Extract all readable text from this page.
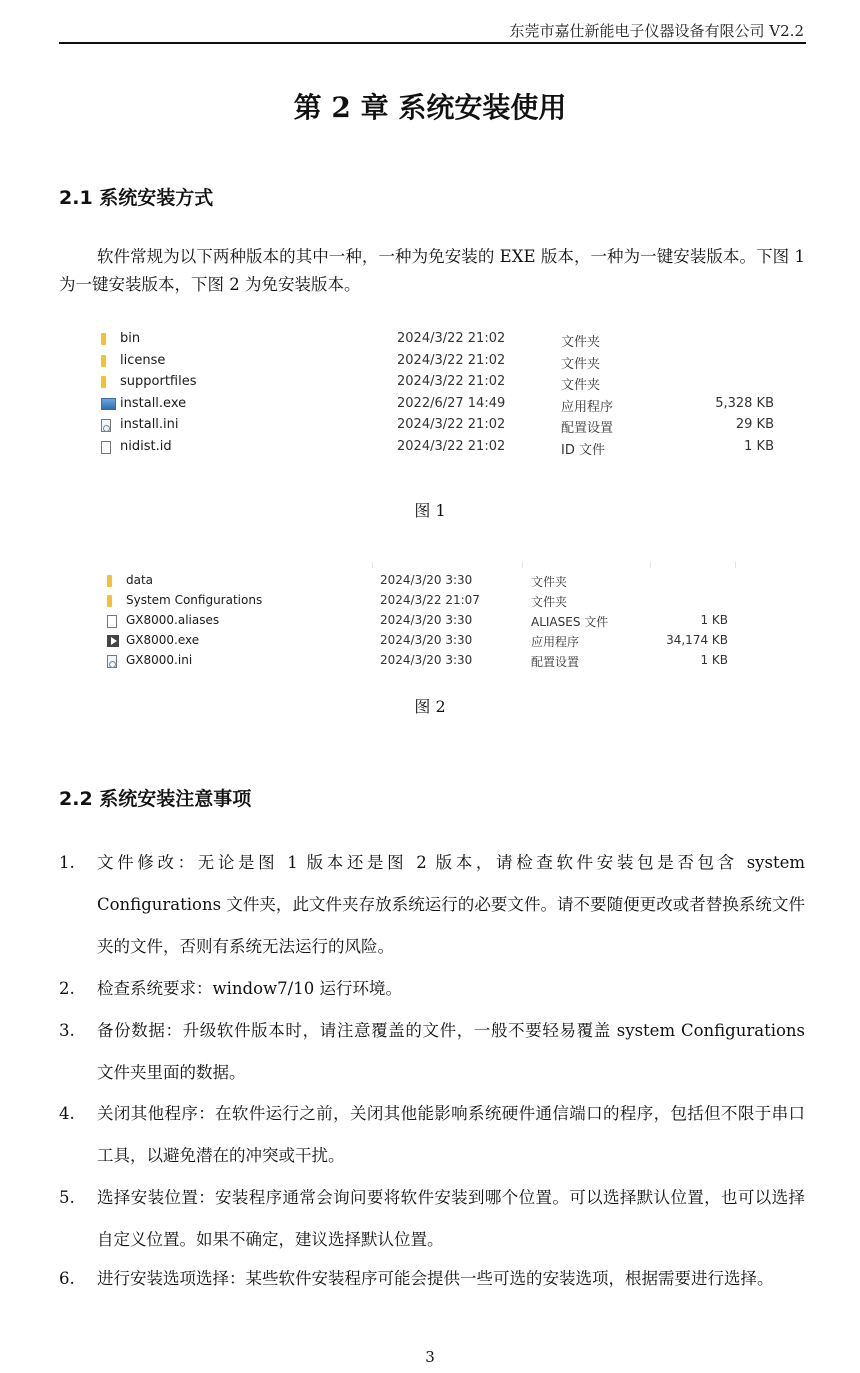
东莞市嘉仕新能电子仪器设备有限公司 V2.2
第 2 章 系统安装使用
2.1 系统安装方式
软件常规为以下两种版本的其中一种，一种为免安装的 EXE 版本，一种为一键安装版本。下图 1 为一键安装版本，下图 2 为免安装版本。
bin	2024/3/22 21:02	文件夹
license	2024/3/22 21:02	文件夹
supportfiles	2024/3/22 21:02	文件夹
install.exe	2022/6/27 14:49	应用程序	5,328 KB
install.ini	2024/3/22 21:02	配置设置	29 KB
nidist.id	2024/3/22 21:02	ID 文件	1 KB
图 1
data	2024/3/20 3:30	文件夹
System Configurations	2024/3/22 21:07	文件夹
GX8000.aliases	2024/3/20 3:30	ALIASES 文件	1 KB
GX8000.exe	2024/3/20 3:30	应用程序	34,174 KB
GX8000.ini	2024/3/20 3:30	配置设置	1 KB
图 2
2.2 系统安装注意事项
1. 文件修改：无论是图 1 版本还是图 2 版本，请检查软件安装包是否包含 system Configurations 文件夹，此文件夹存放系统运行的必要文件。请不要随便更改或者替换系统文件夹的文件，否则有系统无法运行的风险。
2. 检查系统要求：window7/10 运行环境。
3. 备份数据：升级软件版本时，请注意覆盖的文件，一般不要轻易覆盖 system Configurations 文件夹里面的数据。
4. 关闭其他程序：在软件运行之前，关闭其他能影响系统硬件通信端口的程序，包括但不限于串口工具，以避免潜在的冲突或干扰。
5. 选择安装位置：安装程序通常会询问要将软件安装到哪个位置。可以选择默认位置，也可以选择自定义位置。如果不确定，建议选择默认位置。
6. 进行安装选项选择：某些软件安装程序可能会提供一些可选的安装选项，根据需要进行选择。
3
